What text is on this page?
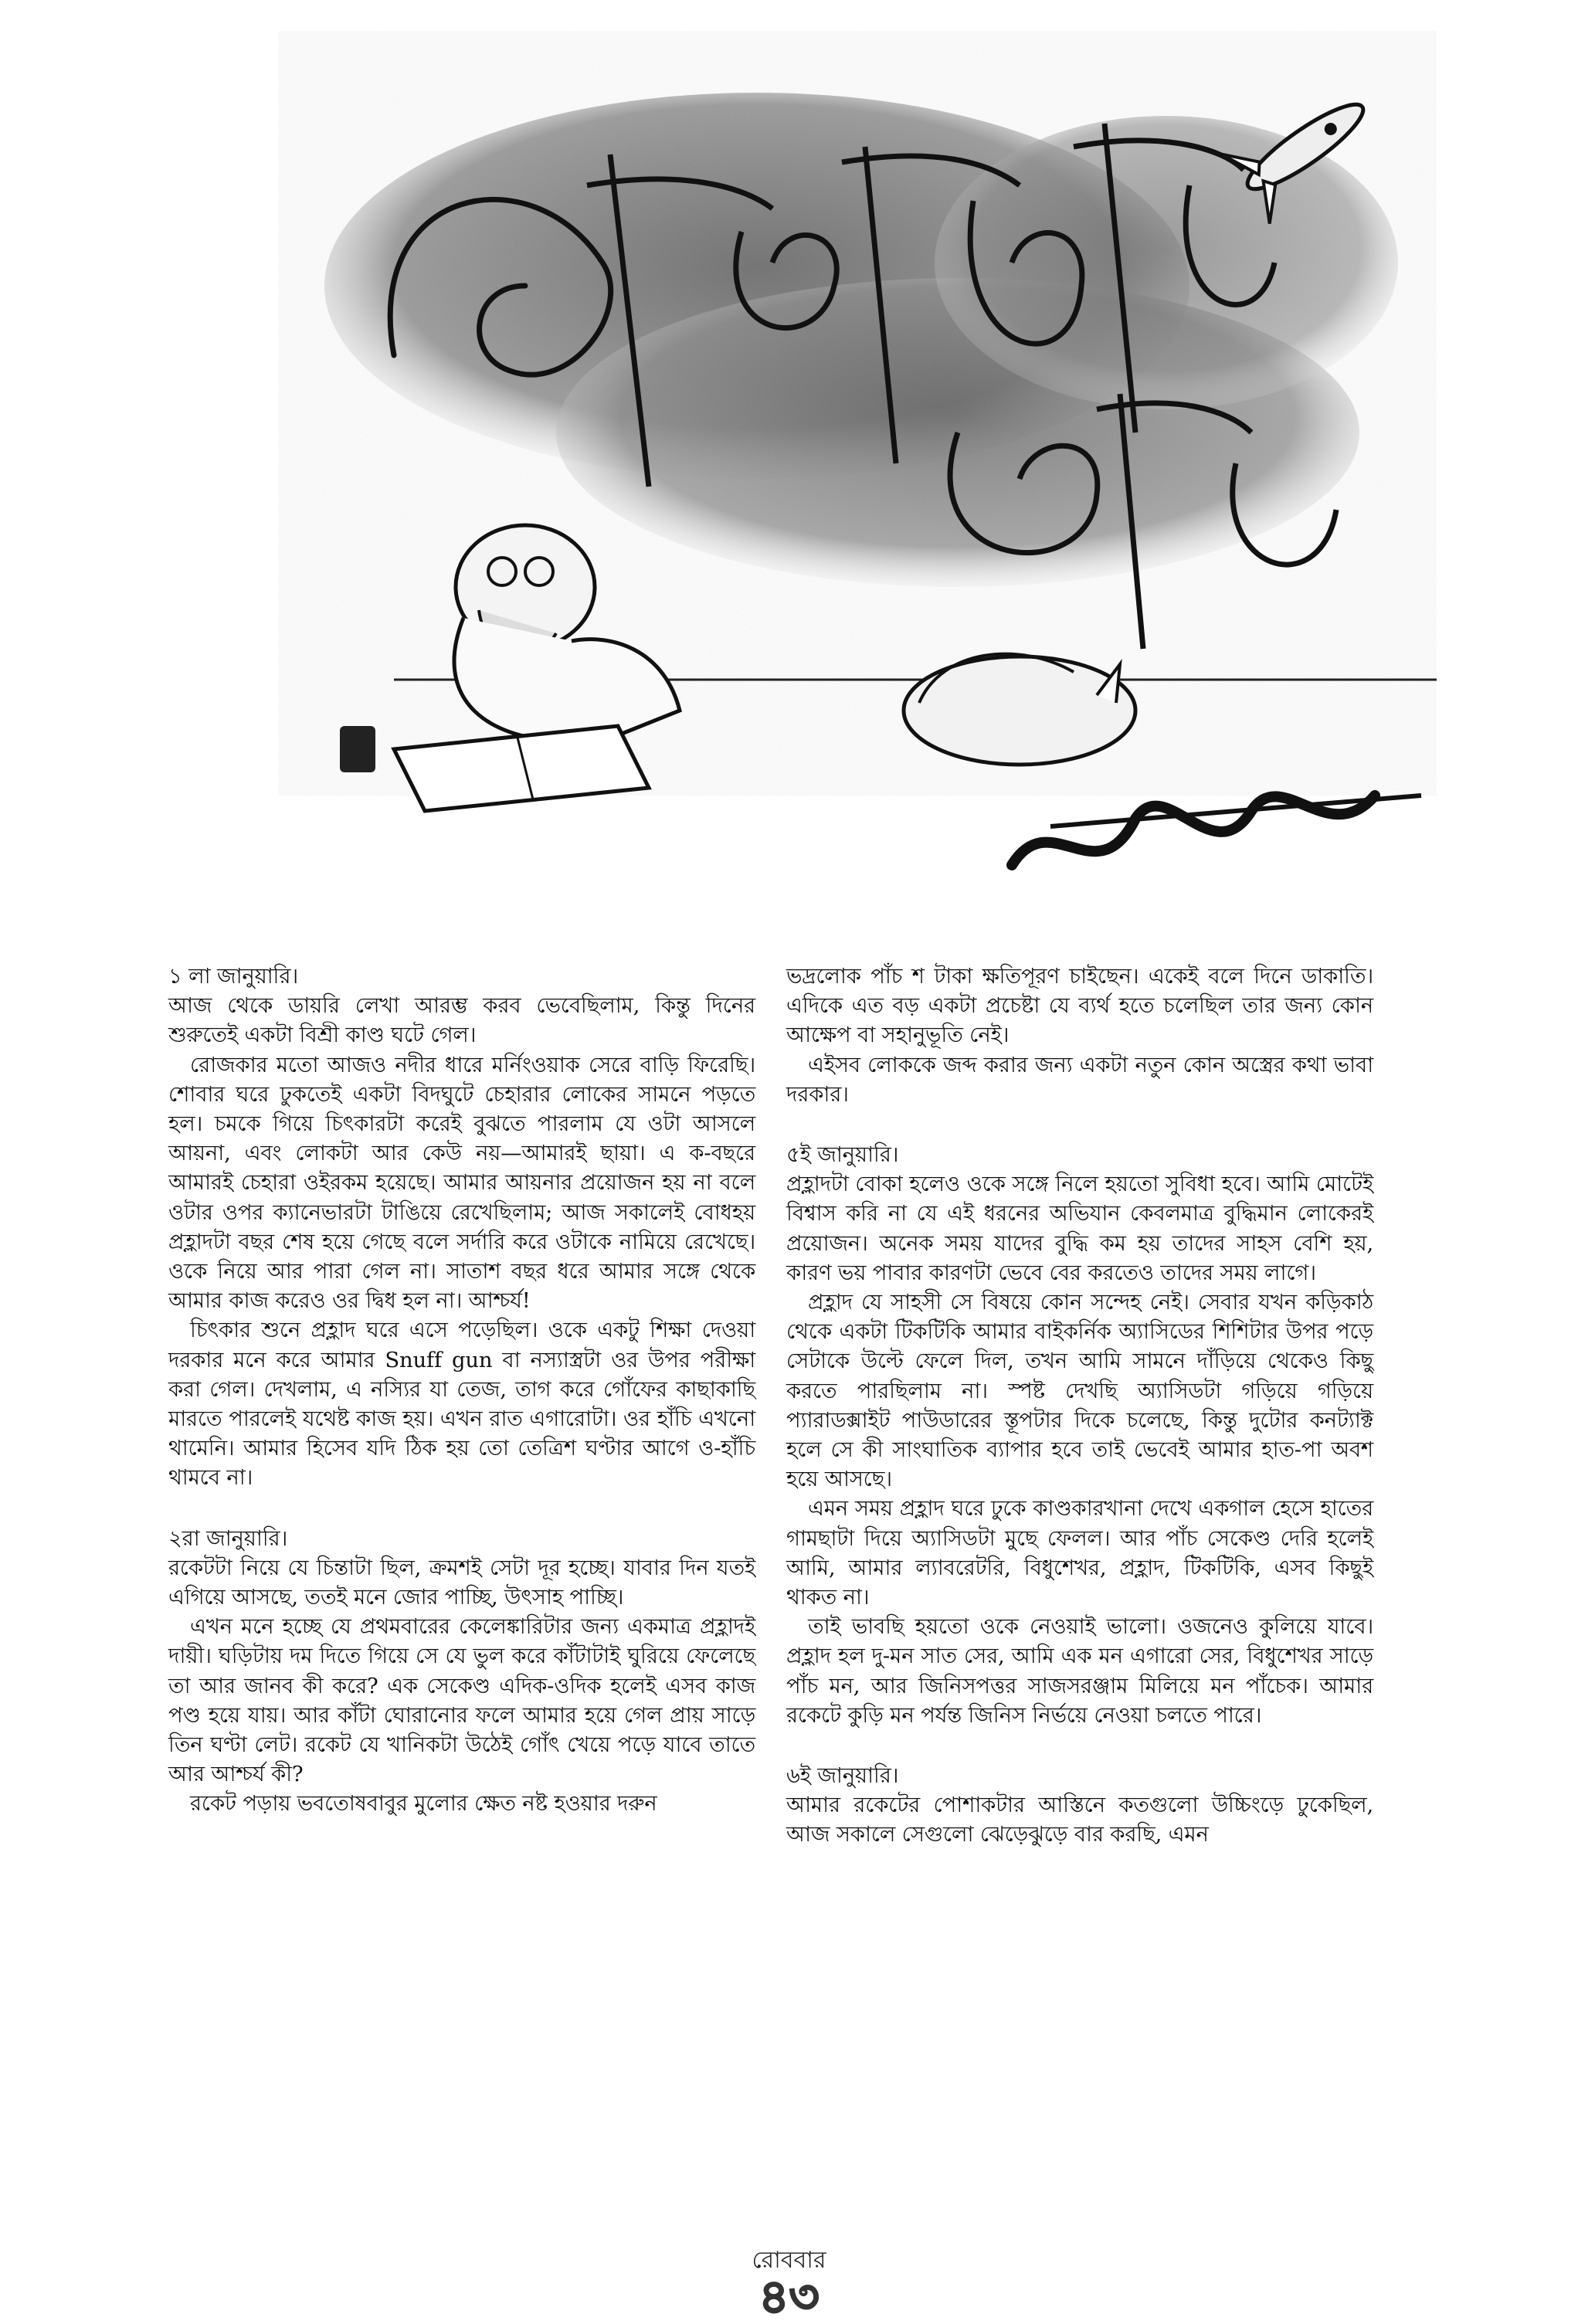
১ লা জানুয়ারি।

আজ থেকে ডায়রি লেখা আরম্ভ করব ভেবেছিলাম, কিন্তু দিনের শুরুতেই একটা বিশ্রী কাণ্ড ঘটে গেল।

রোজকার মতো আজও নদীর ধারে মর্নিংওয়াক সেরে বাড়ি ফিরেছি। শোবার ঘরে ঢুকতেই একটা বিদঘুটে চেহারার লোকের সামনে পড়তে হল। চমকে গিয়ে চিৎকারটা করেই বুঝতে পারলাম যে ওটা আসলে আয়না, এবং লোকটা আর কেউ নয়—আমারই ছায়া। এ ক-বছরে আমারই চেহারা ওইরকম হয়েছে। আমার আয়নার প্রয়োজন হয় না বলে ওটার ওপর ক্যানেভারটা টাঙিয়ে রেখেছিলাম; আজ সকালেই বোধহয় প্রহ্লাদটা বছর শেষ হয়ে গেছে বলে সর্দারি করে ওটাকে নামিয়ে রেখেছে। ওকে নিয়ে আর পারা গেল না। সাতাশ বছর ধরে আমার সঙ্গে থেকে আমার কাজ করেও ওর দ্বিধ হল না। আশ্চর্য!

চিৎকার শুনে প্রহ্লাদ ঘরে এসে পড়েছিল। ওকে একটু শিক্ষা দেওয়া দরকার মনে করে আমার Snuff gun বা নস্যাস্ত্রটা ওর উপর পরীক্ষা করা গেল। দেখলাম, এ নস্যির যা তেজ, তাগ করে গোঁফের কাছাকাছি মারতে পারলেই যথেষ্ট কাজ হয়। এখন রাত এগারোটা। ওর হাঁচি এখনো থামেনি। আমার হিসেব যদি ঠিক হয় তো তেত্রিশ ঘণ্টার আগে ও-হাঁচি থামবে না।

২রা জানুয়ারি।

রকেটটা নিয়ে যে চিন্তাটা ছিল, ক্রমশই সেটা দূর হচ্ছে। যাবার দিন যতই এগিয়ে আসছে, ততই মনে জোর পাচ্ছি, উৎসাহ পাচ্ছি।

এখন মনে হচ্ছে যে প্রথমবারের কেলেঙ্কারিটার জন্য একমাত্র প্রহ্লাদই দায়ী। ঘড়িটায় দম দিতে গিয়ে সে যে ভুল করে কাঁটাটাই ঘুরিয়ে ফেলেছে তা আর জানব কী করে? এক সেকেণ্ড এদিক-ওদিক হলেই এসব কাজ পণ্ড হয়ে যায়। আর কাঁটা ঘোরানোর ফলে আমার হয়ে গেল প্রায় সাড়ে তিন ঘণ্টা লেট। রকেট যে খানিকটা উঠেই গোঁৎ খেয়ে পড়ে যাবে তাতে আর আশ্চর্য কী?

রকেট পড়ায় ভবতোষবাবুর মুলোর ক্ষেত নষ্ট হওয়ার দরুন

ভদ্রলোক পাঁচ শ টাকা ক্ষতিপূরণ চাইছেন। একেই বলে দিনে ডাকাতি। এদিকে এত বড় একটা প্রচেষ্টা যে ব্যর্থ হতে চলেছিল তার জন্য কোন আক্ষেপ বা সহানুভূতি নেই।

এইসব লোককে জব্দ করার জন্য একটা নতুন কোন অস্ত্রের কথা ভাবা দরকার।

৫ই জানুয়ারি।

প্রহ্লাদটা বোকা হলেও ওকে সঙ্গে নিলে হয়তো সুবিধা হবে। আমি মোটেই বিশ্বাস করি না যে এই ধরনের অভিযান কেবলমাত্র বুদ্ধিমান লোকেরই প্রয়োজন। অনেক সময় যাদের বুদ্ধি কম হয় তাদের সাহস বেশি হয়, কারণ ভয় পাবার কারণটা ভেবে বের করতেও তাদের সময় লাগে।

প্রহ্লাদ যে সাহসী সে বিষয়ে কোন সন্দেহ নেই। সেবার যখন কড়িকাঠ থেকে একটা টিকটিকি আমার বাইকর্নিক অ্যাসিডের শিশিটার উপর পড়ে সেটাকে উল্টে ফেলে দিল, তখন আমি সামনে দাঁড়িয়ে থেকেও কিছু করতে পারছিলাম না। স্পষ্ট দেখছি অ্যাসিডটা গড়িয়ে গড়িয়ে প্যারাডক্সাইট পাউডারের স্তূপটার দিকে চলেছে, কিন্তু দুটোর কনট্যাক্ট হলে সে কী সাংঘাতিক ব্যাপার হবে তাই ভেবেই আমার হাত-পা অবশ হয়ে আসছে।

এমন সময় প্রহ্লাদ ঘরে ঢুকে কাণ্ডকারখানা দেখে একগাল হেসে হাতের গামছাটা দিয়ে অ্যাসিডটা মুছে ফেলল। আর পাঁচ সেকেণ্ড দেরি হলেই আমি, আমার ল্যাবরেটরি, বিধুশেখর, প্রহ্লাদ, টিকটিকি, এসব কিছুই থাকত না।

তাই ভাবছি হয়তো ওকে নেওয়াই ভালো। ওজনেও কুলিয়ে যাবে। প্রহ্লাদ হল দু-মন সাত সের, আমি এক মন এগারো সের, বিধুশেখর সাড়ে পাঁচ মন, আর জিনিসপত্তর সাজসরঞ্জাম মিলিয়ে মন পাঁচেক। আমার রকেটে কুড়ি মন পর্যন্ত জিনিস নির্ভয়ে নেওয়া চলতে পারে।

৬ই জানুয়ারি।

আমার রকেটের পোশাকটার আস্তিনে কতগুলো উচ্চিংড়ে ঢুকেছিল, আজ সকালে সেগুলো ঝেড়েঝুড়ে বার করছি, এমন

রোববার
৪৩
